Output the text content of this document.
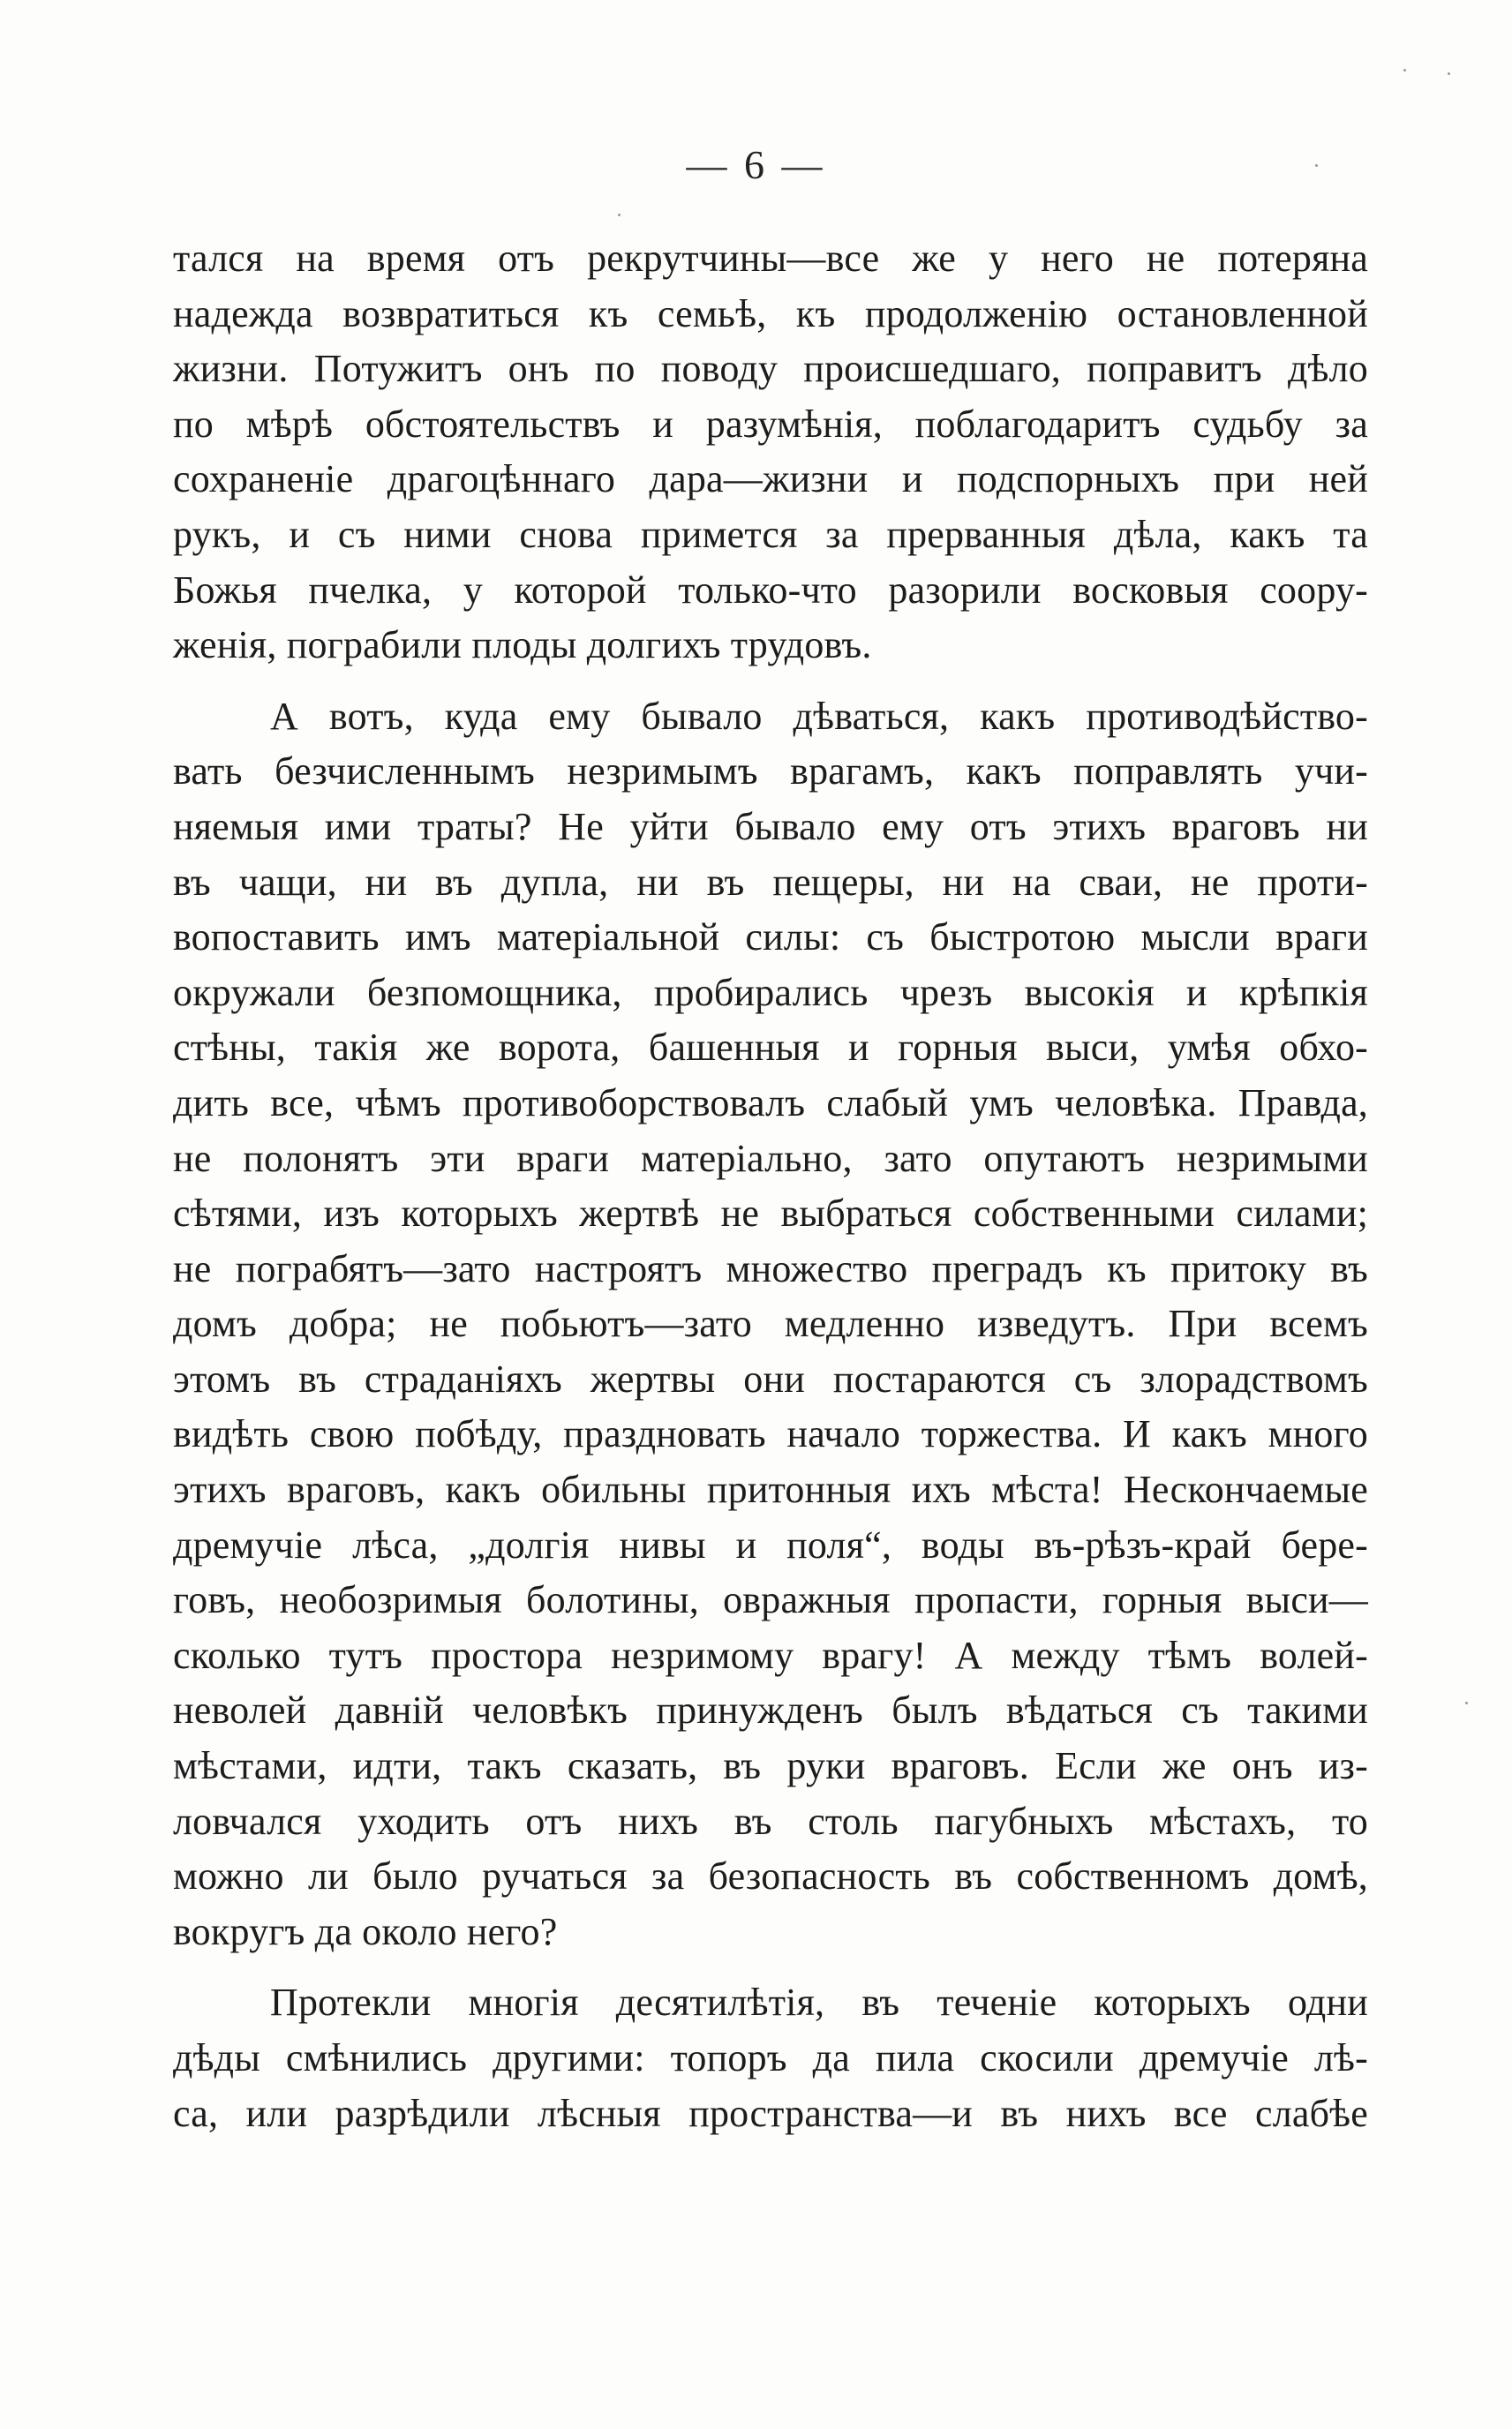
— 6 —
тался на время отъ рекрутчины—все же у него не потеряна
надежда возвратиться къ семьѣ, къ продолженію остановленной
жизни. Потужитъ онъ по поводу происшедшаго, поправитъ дѣло
по мѣрѣ обстоятельствъ и разумѣнія, поблагодаритъ судьбу за
сохраненіе драгоцѣннаго дара—жизни и подспорныхъ при ней
рукъ, и съ ними снова примется за прерванныя дѣла, какъ та
Божья пчелка, у которой только-что разорили восковыя соору-
женія, пограбили плоды долгихъ трудовъ.
А вотъ, куда ему бывало дѣваться, какъ противодѣйство-
вать безчисленнымъ незримымъ врагамъ, какъ поправлять учи-
няемыя ими траты? Не уйти бывало ему отъ этихъ враговъ ни
въ чащи, ни въ дупла, ни въ пещеры, ни на сваи, не проти-
вопоставить имъ матеріальной силы: съ быстротою мысли враги
окружали безпомощника, пробирались чрезъ высокія и крѣпкія
стѣны, такія же ворота, башенныя и горныя выси, умѣя обхо-
дить все, чѣмъ противоборствовалъ слабый умъ человѣка. Правда,
не полонятъ эти враги матеріально, зато опутаютъ незримыми
сѣтями, изъ которыхъ жертвѣ не выбраться собственными силами;
не пограбятъ—зато настроятъ множество преградъ къ притоку въ
домъ добра; не побьютъ—зато медленно изведутъ. При всемъ
этомъ въ страданіяхъ жертвы они постараются съ злорадствомъ
видѣть свою побѣду, праздновать начало торжества. И какъ много
этихъ враговъ, какъ обильны притонныя ихъ мѣста! Нескончаемые
дремучіе лѣса, „долгія нивы и поля“, воды въ-рѣзъ-край бере-
говъ, необозримыя болотины, овражныя пропасти, горныя выси—
сколько тутъ простора незримому врагу! А между тѣмъ волей-
неволей давній человѣкъ принужденъ былъ вѣдаться съ такими
мѣстами, идти, такъ сказать, въ руки враговъ. Если же онъ из-
ловчался уходить отъ нихъ въ столь пагубныхъ мѣстахъ, то
можно ли было ручаться за безопасность въ собственномъ домѣ,
вокругъ да около него?
Протекли многія десятилѣтія, въ теченіе которыхъ одни
дѣды смѣнились другими: топоръ да пила скосили дремучіе лѣ-
са, или разрѣдили лѣсныя пространства—и въ нихъ все слабѣе
